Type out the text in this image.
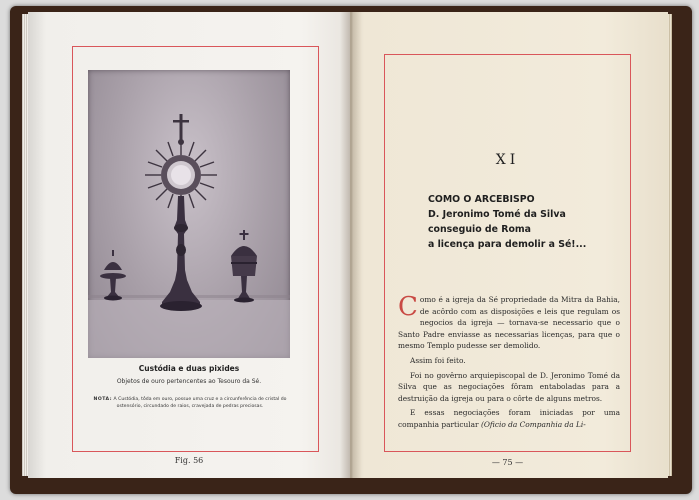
Custódia e duas pixides
Objetos de ouro pertencentes ao Tesouro da Sé.
NOTA: A Custódia, tôda em ouro, possue uma cruz e a circunferência de cristal do ostensório, circundado de raios, cravejada de pedras preciosas.
Fig. 56
XI
COMO O ARCEBISPO
D. Jeronimo Tomé da Silva
conseguio de Roma
a licença para demolir a Sé!...

Como é a igreja da Sé propriedade da Mitra da Bahia, de acôrdo com as disposições e leis que regulam os negocios da igreja — tornava-se necessario que o Santo Padre enviasse as necessarias licenças, para que o mesmo Templo pudesse ser demolido.

Assim foi feito.

Foi no govêrno arquiepiscopal de D. Jeronimo Tomé da Silva que as negociações fôram entaboladas para a destruição da igreja ou para o côrte de alguns metros.

E essas negociações foram iniciadas por uma companhia particular (Oficio da Companhia da Li-

— 75 —
